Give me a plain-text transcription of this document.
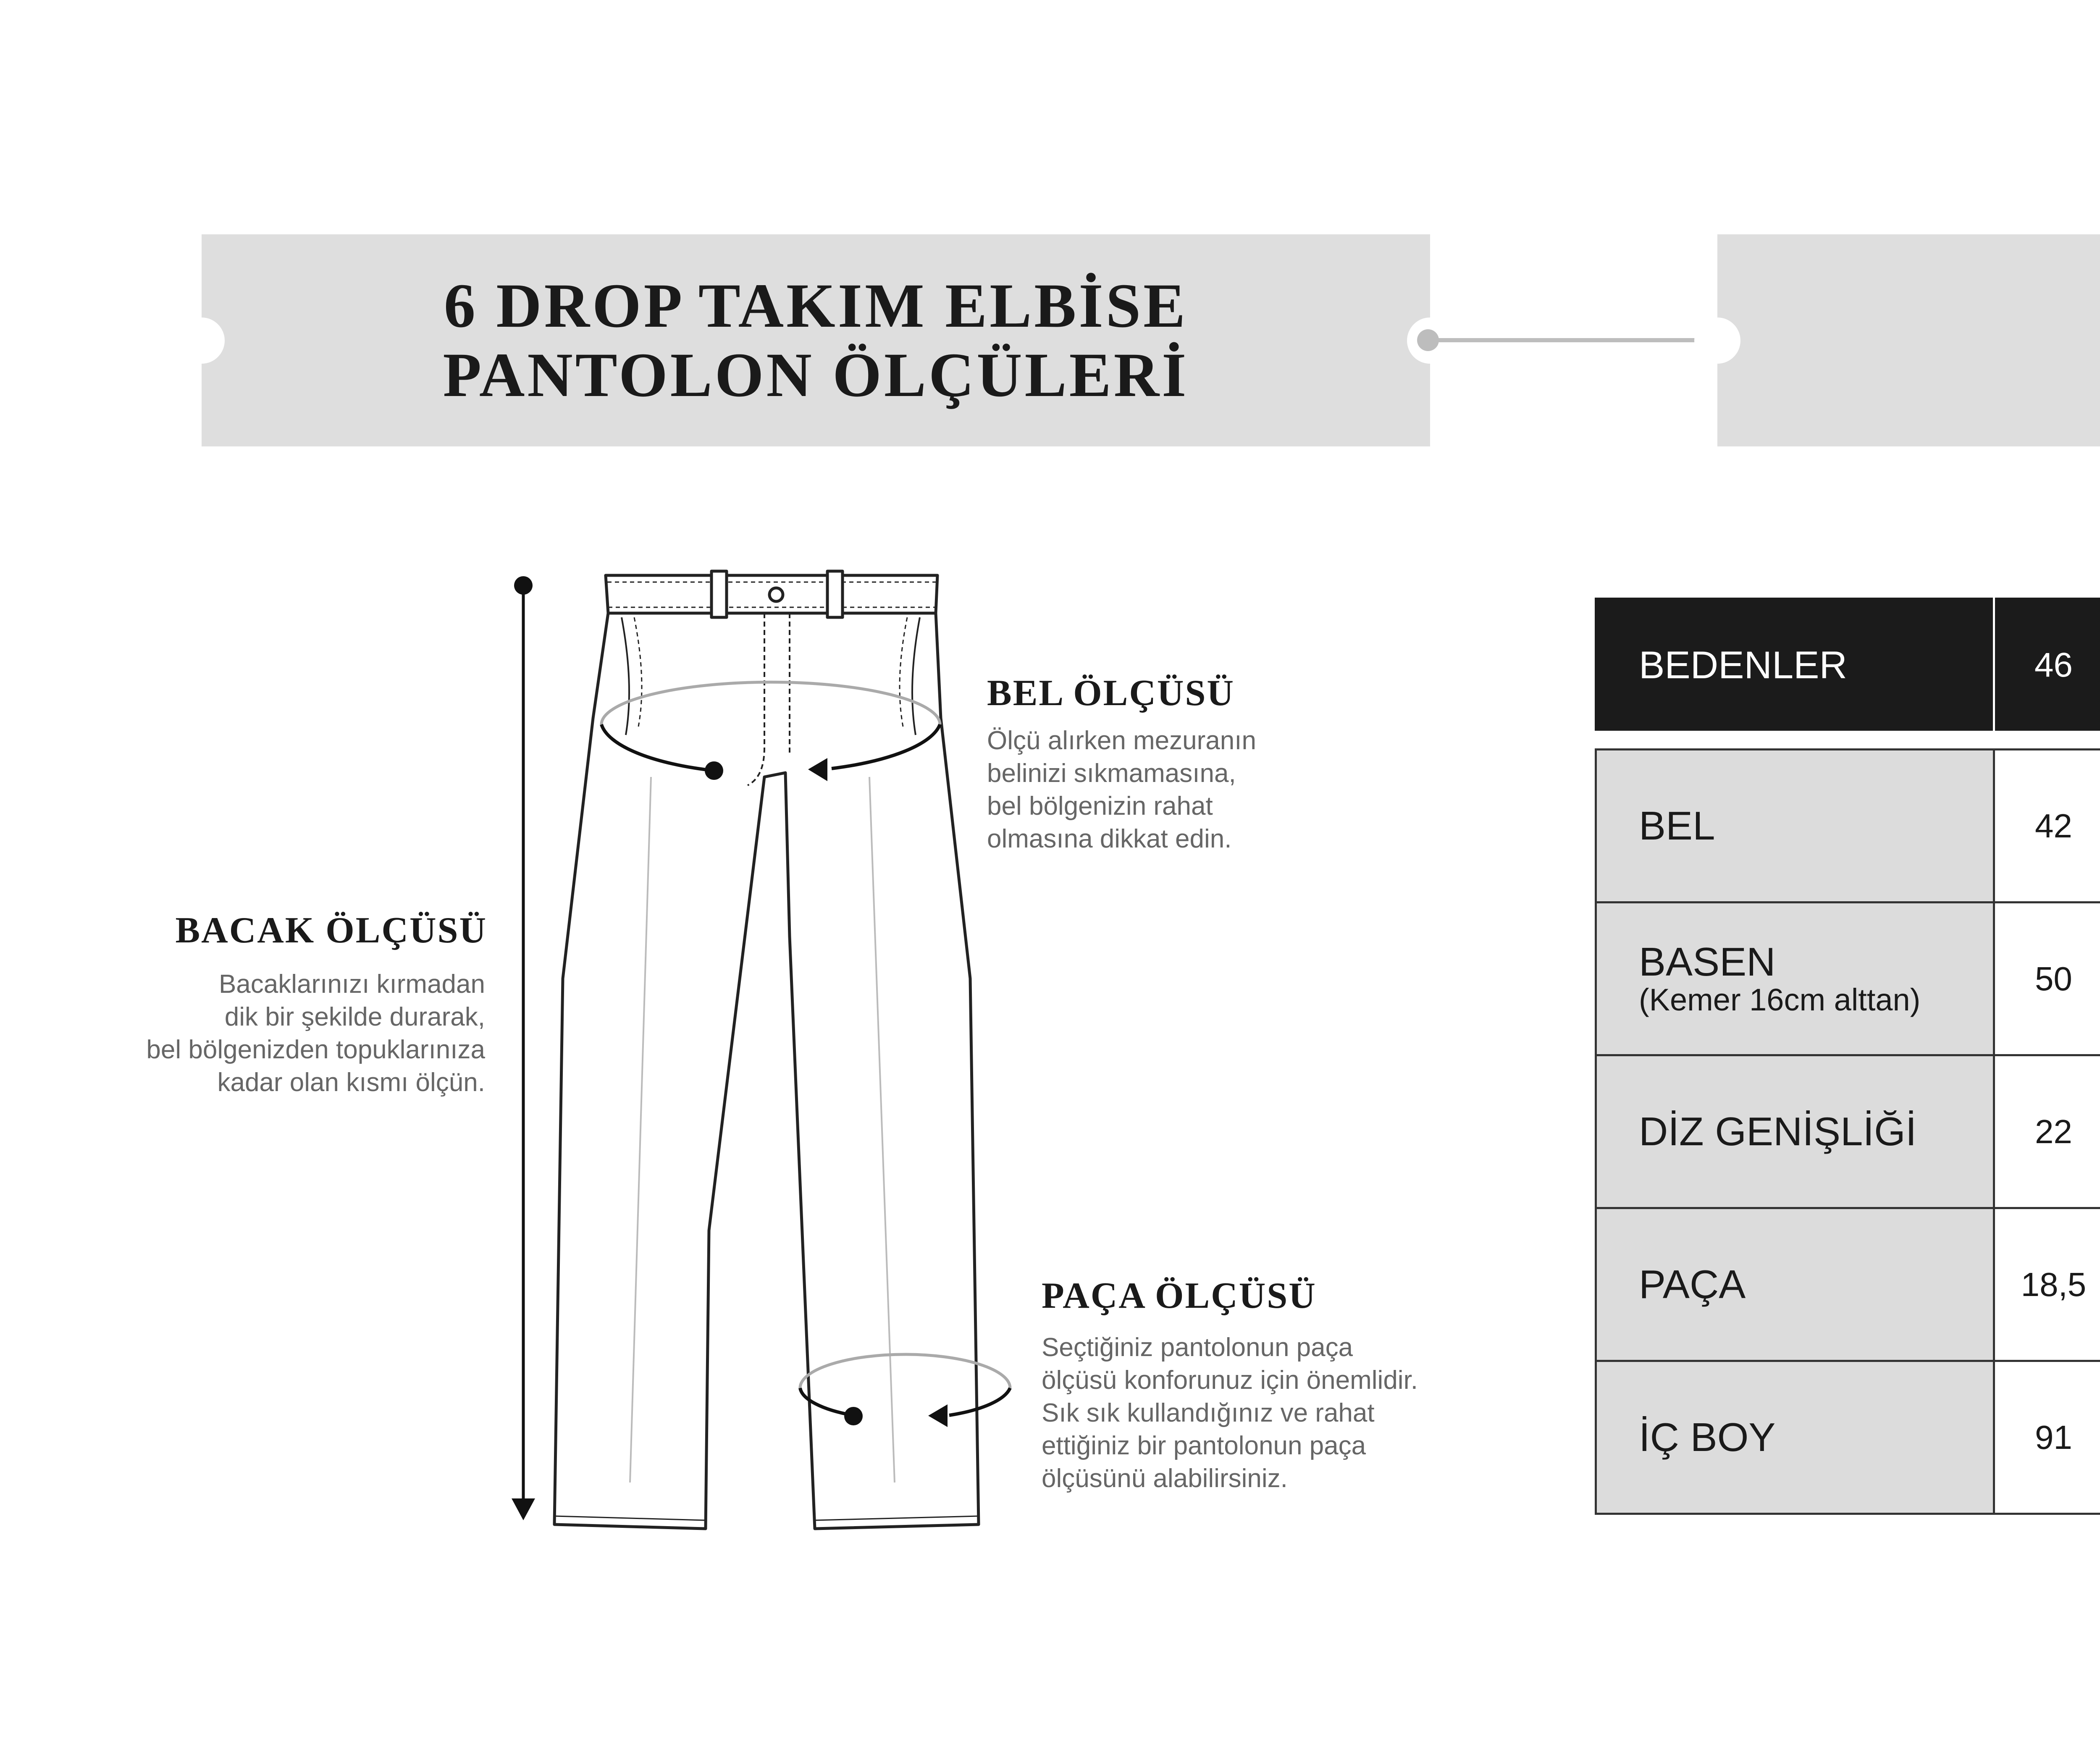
6 DROP TAKIM ELBİSE
PANTOLON ÖLÇÜLERİ
BEL ÖLÇÜSÜ
Ölçü alırken mezuranın
belinizi sıkmamasına,
bel bölgenizin rahat
olmasına dikkat edin.
BACAK ÖLÇÜSÜ
Bacaklarınızı kırmadan
dik bir şekilde durarak,
bel bölgenizden topuklarınıza
kadar olan kısmı ölçün.
PAÇA ÖLÇÜSÜ
Seçtiğiniz pantolonun paça
ölçüsü konforunuz için önemlidir.
Sık sık kullandığınız ve rahat
ettiğiniz bir pantolonun paça
ölçüsünü alabilirsiniz.
BEDENLER	46								

BEL	42								

BASEN
(Kemer 16cm alttan)	50								
DİZ GENİŞLİĞİ	22								
PAÇA	18,5								
İÇ BOY	91								
